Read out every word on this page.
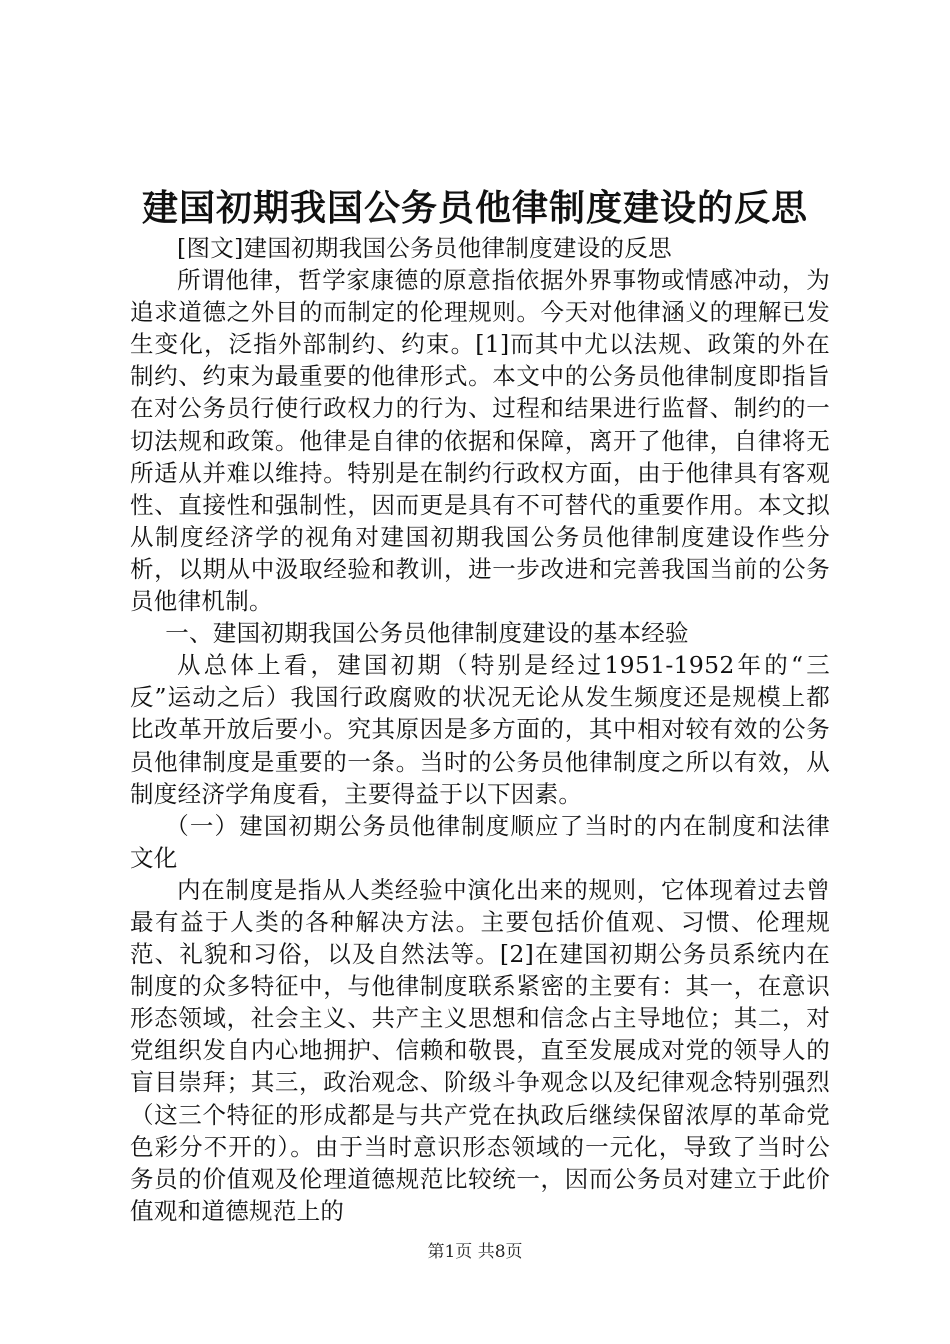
建国初期我国公务员他律制度建设的反思

[图文]建国初期我国公务员他律制度建设的反思

所谓他律，哲学家康德的原意指依据外界事物或情感冲动，为追求道德之外目的而制定的伦理规则。今天对他律涵义的理解已发生变化，泛指外部制约、约束。[1]而其中尤以法规、政策的外在制约、约束为最重要的他律形式。本文中的公务员他律制度即指旨在对公务员行使行政权力的行为、过程和结果进行监督、制约的一切法规和政策。他律是自律的依据和保障，离开了他律，自律将无所适从并难以维持。特别是在制约行政权方面，由于他律具有客观性、直接性和强制性，因而更是具有不可替代的重要作用。本文拟从制度经济学的视角对建国初期我国公务员他律制度建设作些分析，以期从中汲取经验和教训，进一步改进和完善我国当前的公务员他律机制。

一、建国初期我国公务员他律制度建设的基本经验

从总体上看，建国初期（特别是经过1951-1952年的“三反”运动之后）我国行政腐败的状况无论从发生频度还是规模上都比改革开放后要小。究其原因是多方面的，其中相对较有效的公务员他律制度是重要的一条。当时的公务员他律制度之所以有效，从制度经济学角度看，主要得益于以下因素。

（一）建国初期公务员他律制度顺应了当时的内在制度和法律文化

内在制度是指从人类经验中演化出来的规则，它体现着过去曾最有益于人类的各种解决方法。主要包括价值观、习惯、伦理规范、礼貌和习俗，以及自然法等。[2]在建国初期公务员系统内在制度的众多特征中，与他律制度联系紧密的主要有：其一，在意识形态领域，社会主义、共产主义思想和信念占主导地位；其二，对党组织发自内心地拥护、信赖和敬畏，直至发展成对党的领导人的盲目崇拜；其三，政治观念、阶级斗争观念以及纪律观念特别强烈（这三个特征的形成都是与共产党在执政后继续保留浓厚的革命党色彩分不开的）。由于当时意识形态领域的一元化，导致了当时公务员的价值观及伦理道德规范比较统一，因而公务员对建立于此价值观和道德规范上的

第1页 共8页
